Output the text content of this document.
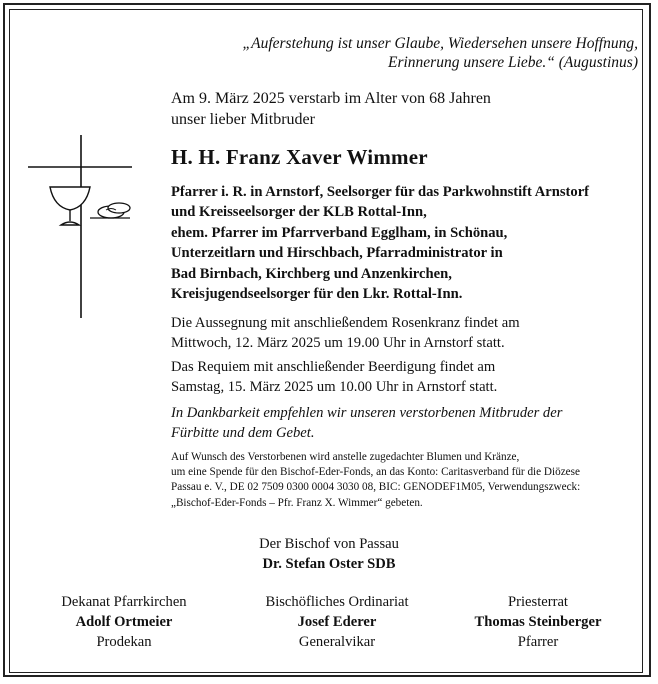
„Auferstehung ist unser Glaube, Wiedersehen unsere Hoffnung,
Erinnerung unsere Liebe.“ (Augustinus)
Am 9. März 2025 verstarb im Alter von 68 Jahren
unser lieber Mitbruder
H. H. Franz Xaver Wimmer
Pfarrer i. R. in Arnstorf, Seelsorger für das Parkwohnstift Arnstorf
und Kreisseelsorger der KLB Rottal-Inn,
ehem. Pfarrer im Pfarrverband Egglham, in Schönau,
Unterzeitlarn und Hirschbach, Pfarradministrator in
Bad Birnbach, Kirchberg und Anzenkirchen,
Kreisjugendseelsorger für den Lkr. Rottal-Inn.
Die Aussegnung mit anschließendem Rosenkranz findet am
Mittwoch, 12. März 2025 um 19.00 Uhr in Arnstorf statt.
Das Requiem mit anschließender Beerdigung findet am
Samstag, 15. März 2025 um 10.00 Uhr in Arnstorf statt.
In Dankbarkeit empfehlen wir unseren verstorbenen Mitbruder der
Fürbitte und dem Gebet.
Auf Wunsch des Verstorbenen wird anstelle zugedachter Blumen und Kränze,
um eine Spende für den Bischof-Eder-Fonds, an das Konto: Caritasverband für die Diözese
Passau e. V., DE 02 7509 0300 0004 3030 08, BIC: GENODEF1M05, Verwendungszweck:
„Bischof-Eder-Fonds – Pfr. Franz X. Wimmer“ gebeten.
Der Bischof von Passau
Dr. Stefan Oster SDB
Dekanat Pfarrkirchen
Adolf Ortmeier
Prodekan
Bischöfliches Ordinariat
Josef Ederer
Generalvikar
Priesterrat
Thomas Steinberger
Pfarrer
